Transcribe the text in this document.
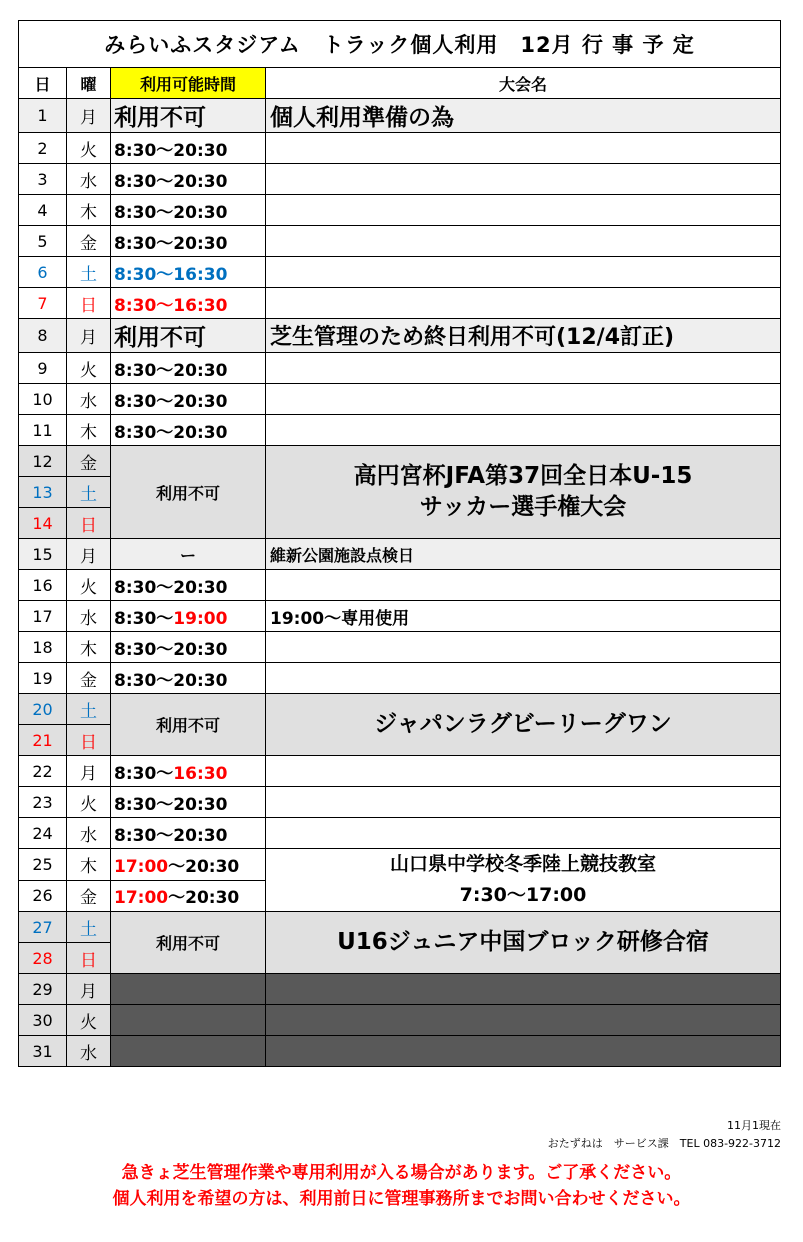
みらいふスタジアム　トラック個人利用　12月 行 事 予 定			
日	曜	利用可能時間	大会名
1	月	利用不可	個人利用準備の為
2	火	8:30〜20:30	
3	水	8:30〜20:30	
4	木	8:30〜20:30	
5	金	8:30〜20:30	
6	土	8:30〜16:30	
7	日	8:30〜16:30	
8	月	利用不可	芝生管理のため終日利用不可(12/4訂正)
9	火	8:30〜20:30	
10	水	8:30〜20:30	
11	木	8:30〜20:30	
12	金	利用不可	高円宮杯JFA第37回全日本U-15
サッカー選手権大会

13	土		
14	日		
15	月	ー	維新公園施設点検日
16	火	8:30〜20:30	
17	水	8:30〜19:00	19:00〜専用使用
18	木	8:30〜20:30	
19	金	8:30〜20:30	
20	土	利用不可	ジャパンラグビーリーグワン
21	日		
22	月	8:30〜16:30	
23	火	8:30〜20:30	
24	水	8:30〜20:30	
25	木	17:00〜20:30	山口県中学校冬季陸上競技教室
7:30〜17:00

26	金	17:00〜20:30	
27	土	利用不可	U16ジュニア中国ブロック研修合宿
28	日		
29	月		
30	火		
31	水		
11月1現在
おたずねは　サービス課　TEL 083-922-3712
急きょ芝生管理作業や専用利用が入る場合があります。ご了承ください。
個人利用を希望の方は、利用前日に管理事務所までお問い合わせください。
